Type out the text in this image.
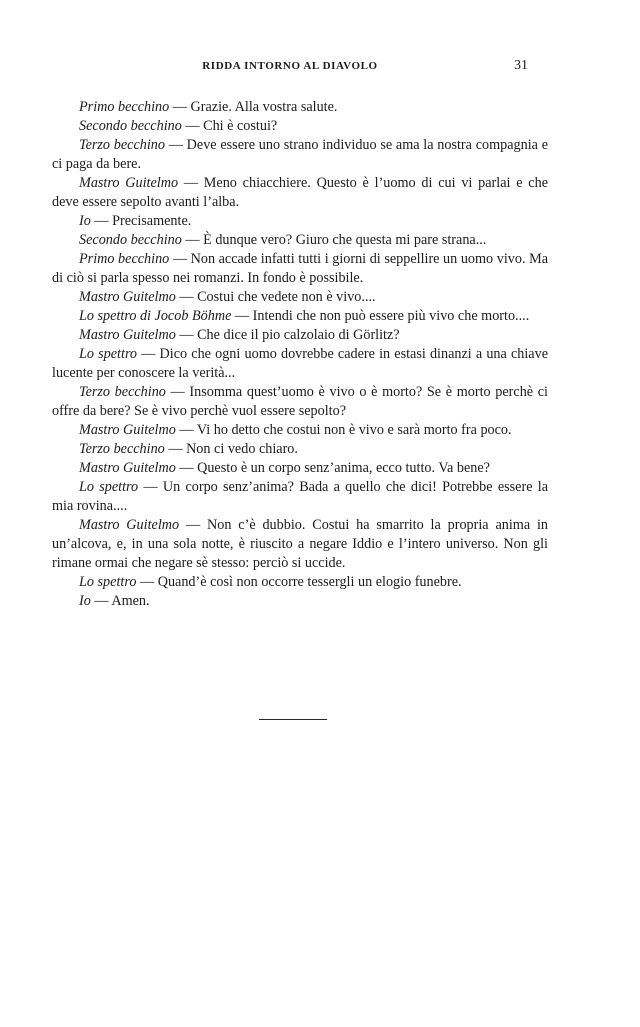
RIDDA INTORNO AL DIAVOLO	31

Primo becchino — Grazie. Alla vostra salute.

Secondo becchino — Chi è costui?

Terzo becchino — Deve essere uno strano individuo se ama la nostra compagnia e ci paga da bere.

Mastro Guitelmo — Meno chiacchiere. Questo è l’uomo di cui vi parlai e che deve essere sepolto avanti l’alba.

Io — Precisamente.

Secondo becchino — È dunque vero? Giuro che questa mi pare strana...

Primo becchino — Non accade infatti tutti i giorni di seppellire un uomo vivo. Ma di ciò si parla spesso nei romanzi. In fondo è possibile.

Mastro Guitelmo — Costui che vedete non è vivo....

Lo spettro di Jocob Böhme — Intendi che non può essere più vivo che morto....

Mastro Guitelmo — Che dice il pio calzolaio di Görlitz?

Lo spettro — Dico che ogni uomo dovrebbe cadere in estasi dinanzi a una chiave lucente per conoscere la verità...

Terzo becchino — Insomma quest’uomo è vivo o è morto? Se è morto perchè ci offre da bere? Se è vivo perchè vuol essere sepolto?

Mastro Guitelmo — Vi ho detto che costui non è vivo e sarà morto fra poco.

Terzo becchino — Non ci vedo chiaro.

Mastro Guitelmo — Questo è un corpo senz’anima, ecco tutto. Va bene?

Lo spettro — Un corpo senz’anima? Bada a quello che dici! Potrebbe essere la mia rovina....

Mastro Guitelmo — Non c’è dubbio. Costui ha smarrito la propria anima in un’alcova, e, in una sola notte, è riuscito a negare Iddio e l’intero universo. Non gli rimane ormai che negare sè stesso: perciò si uccide.

Lo spettro — Quand’è così non occorre tessergli un elogio funebre.

Io — Amen.
